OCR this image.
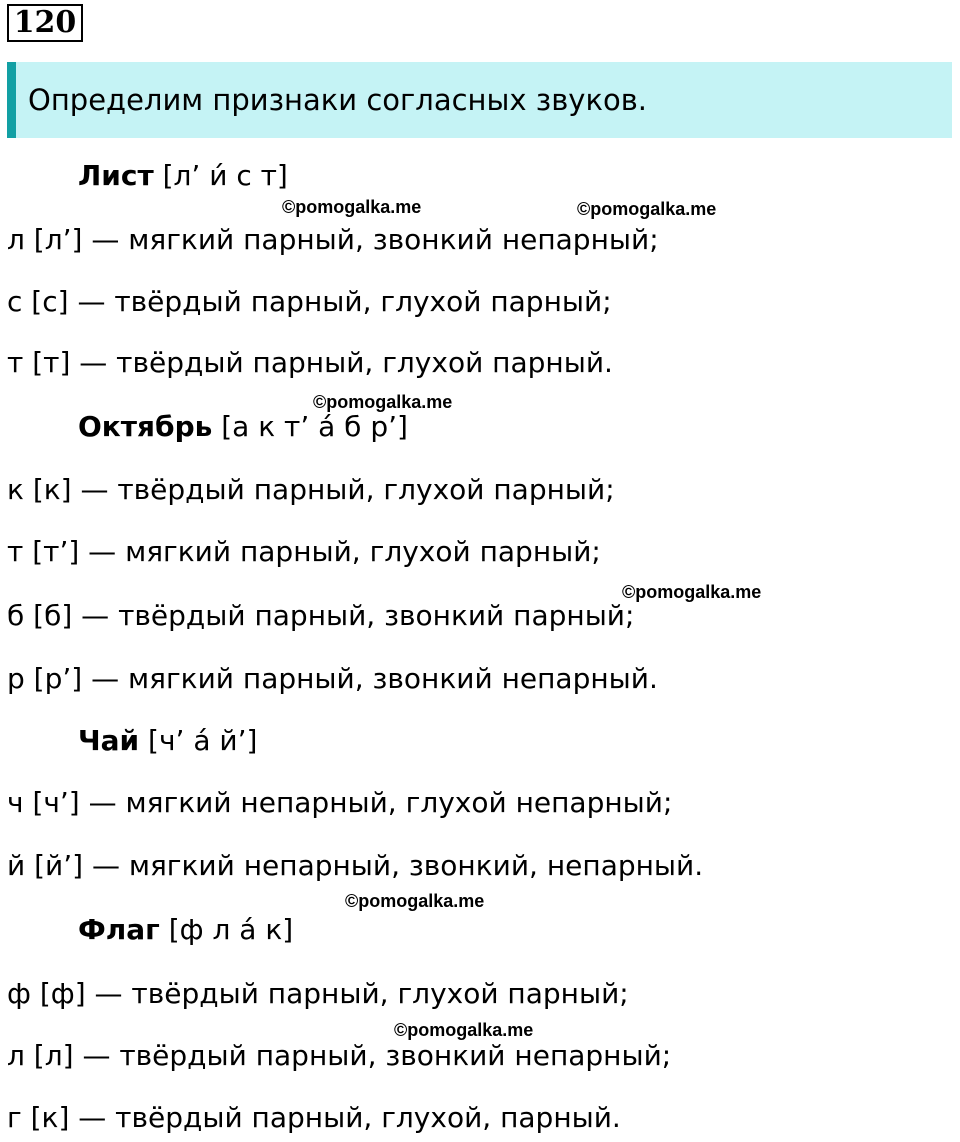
120
Определим признаки согласных звуков.
Лист [л’ и́ с т]
л [л’] — мягкий парный, звонкий непарный;
с [с] — твёрдый парный, глухой парный;
т [т] — твёрдый парный, глухой парный.
Октябрь [а к т’ а́ б р’]
к [к] — твёрдый парный, глухой парный;
т [т’] — мягкий парный, глухой парный;
б [б] — твёрдый парный, звонкий парный;
р [р’] — мягкий парный, звонкий непарный.
Чай [ч’ а́ й’]
ч [ч’] — мягкий непарный, глухой непарный;
й [й’] — мягкий непарный, звонкий, непарный.
Флаг [ф л а́ к]
ф [ф] — твёрдый парный, глухой парный;
л [л] — твёрдый парный, звонкий непарный;
г [к] — твёрдый парный, глухой, парный.
©pomogalka.me	©pomogalka.me
©pomogalka.me
©pomogalka.me
©pomogalka.me
©pomogalka.me
